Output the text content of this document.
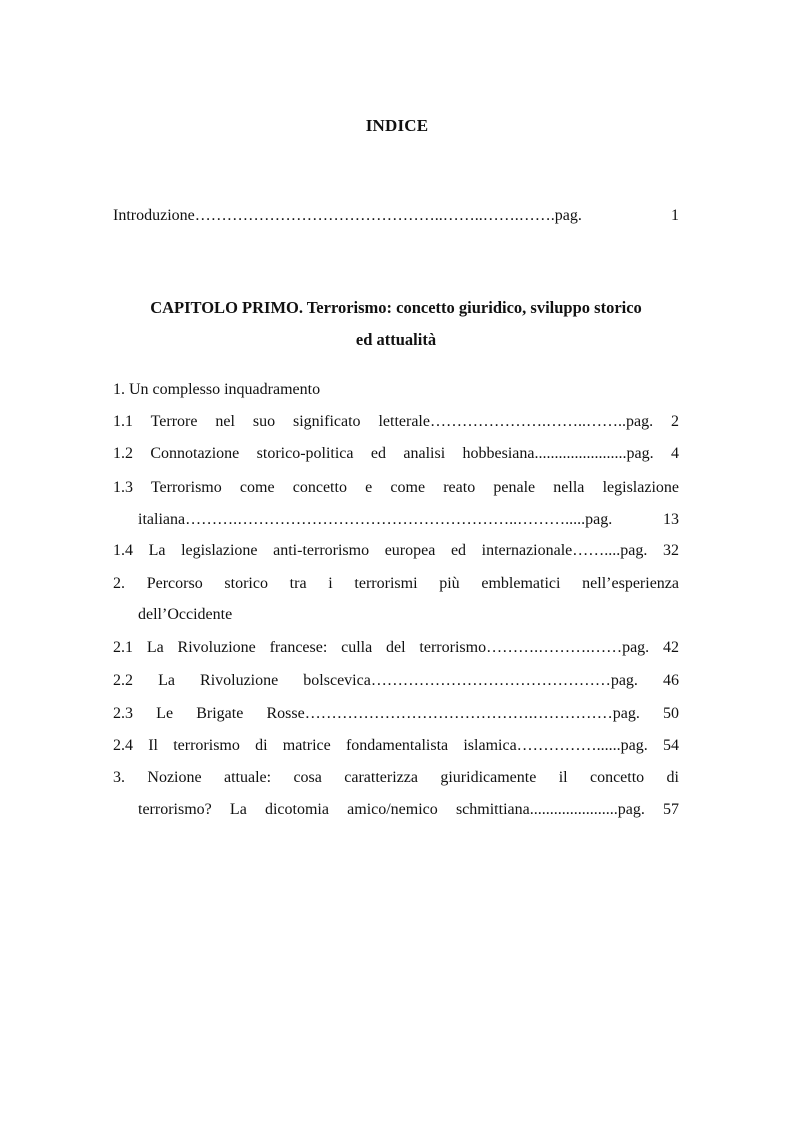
INDICE
Introduzione………………………………………..……..…….…….pag. 1
CAPITOLO PRIMO. Terrorismo: concetto giuridico, sviluppo storico
ed attualità
1. Un complesso inquadramento
1.1 Terrore nel suo significato letterale………………….……..……..pag. 2
1.2 Connotazione storico-politica ed analisi hobbesiana.......................pag. 4
1.3 Terrorismo come concetto e come reato penale nella legislazione
italiana……….……………………………………………..……….....pag. 13
1.4 La legislazione anti-terrorismo europea ed internazionale……....pag. 32
2. Percorso storico tra i terrorismi più emblematici nell’esperienza
dell’Occidente
2.1 La Rivoluzione francese: culla del terrorismo……….……….……pag. 42
2.2 La Rivoluzione bolscevica………………………………………pag. 46
2.3 Le Brigate Rosse…………………………………….……………pag. 50
2.4 Il terrorismo di matrice fondamentalista islamica……………......pag. 54
3. Nozione attuale: cosa caratterizza giuridicamente il concetto di
terrorismo? La dicotomia amico/nemico schmittiana......................pag. 57
